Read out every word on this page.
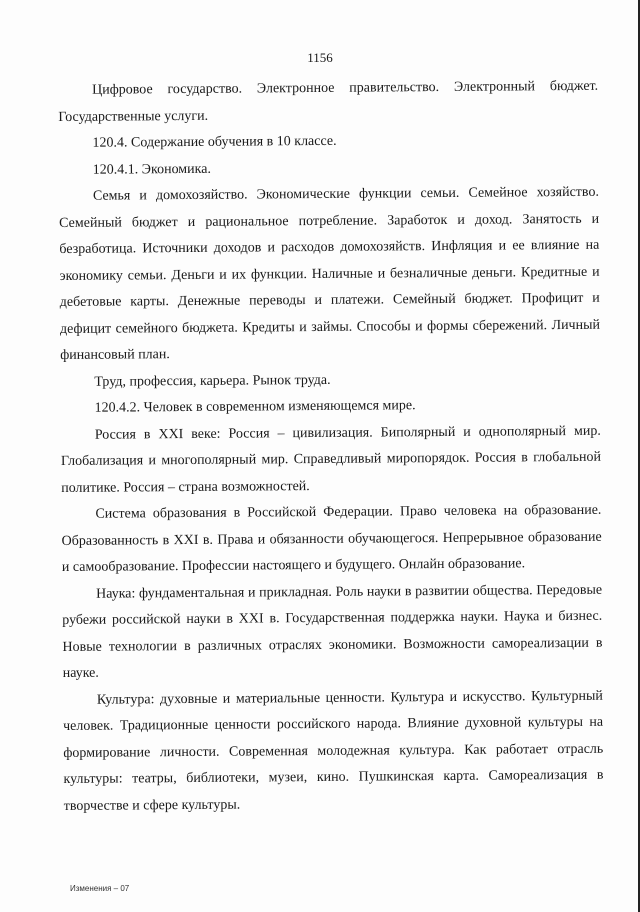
1156

Цифровое государство. Электронное правительство. Электронный бюджет. Государственные услуги.

120.4. Содержание обучения в 10 классе.

120.4.1. Экономика.

Семья и домохозяйство. Экономические функции семьи. Семейное хозяйство. Семейный бюджет и рациональное потребление. Заработок и доход. Занятость и безработица. Источники доходов и расходов домохозяйств. Инфляция и ее влияние на экономику семьи. Деньги и их функции. Наличные и безналичные деньги. Кредитные и дебетовые карты. Денежные переводы и платежи. Семейный бюджет. Профицит и дефицит семейного бюджета. Кредиты и займы. Способы и формы сбережений. Личный финансовый план.

Труд, профессия, карьера. Рынок труда.

120.4.2. Человек в современном изменяющемся мире.

Россия в XXI веке: Россия – цивилизация. Биполярный и однополярный мир. Глобализация и многополярный мир. Справедливый миропорядок. Россия в глобальной политике. Россия – страна возможностей.

Система образования в Российской Федерации. Право человека на образование. Образованность в XXI в. Права и обязанности обучающегося. Непрерывное образование и самообразование. Профессии настоящего и будущего. Онлайн образование.

Наука: фундаментальная и прикладная. Роль науки в развитии общества. Передовые рубежи российской науки в XXI в. Государственная поддержка науки. Наука и бизнес. Новые технологии в различных отраслях экономики. Возможности самореализации в науке.

Культура: духовные и материальные ценности. Культура и искусство. Культурный человек. Традиционные ценности российского народа. Влияние духовной культуры на формирование личности. Современная молодежная культура. Как работает отрасль культуры: театры, библиотеки, музеи, кино. Пушкинская карта. Самореализация в творчестве и сфере культуры.

Изменения – 07
